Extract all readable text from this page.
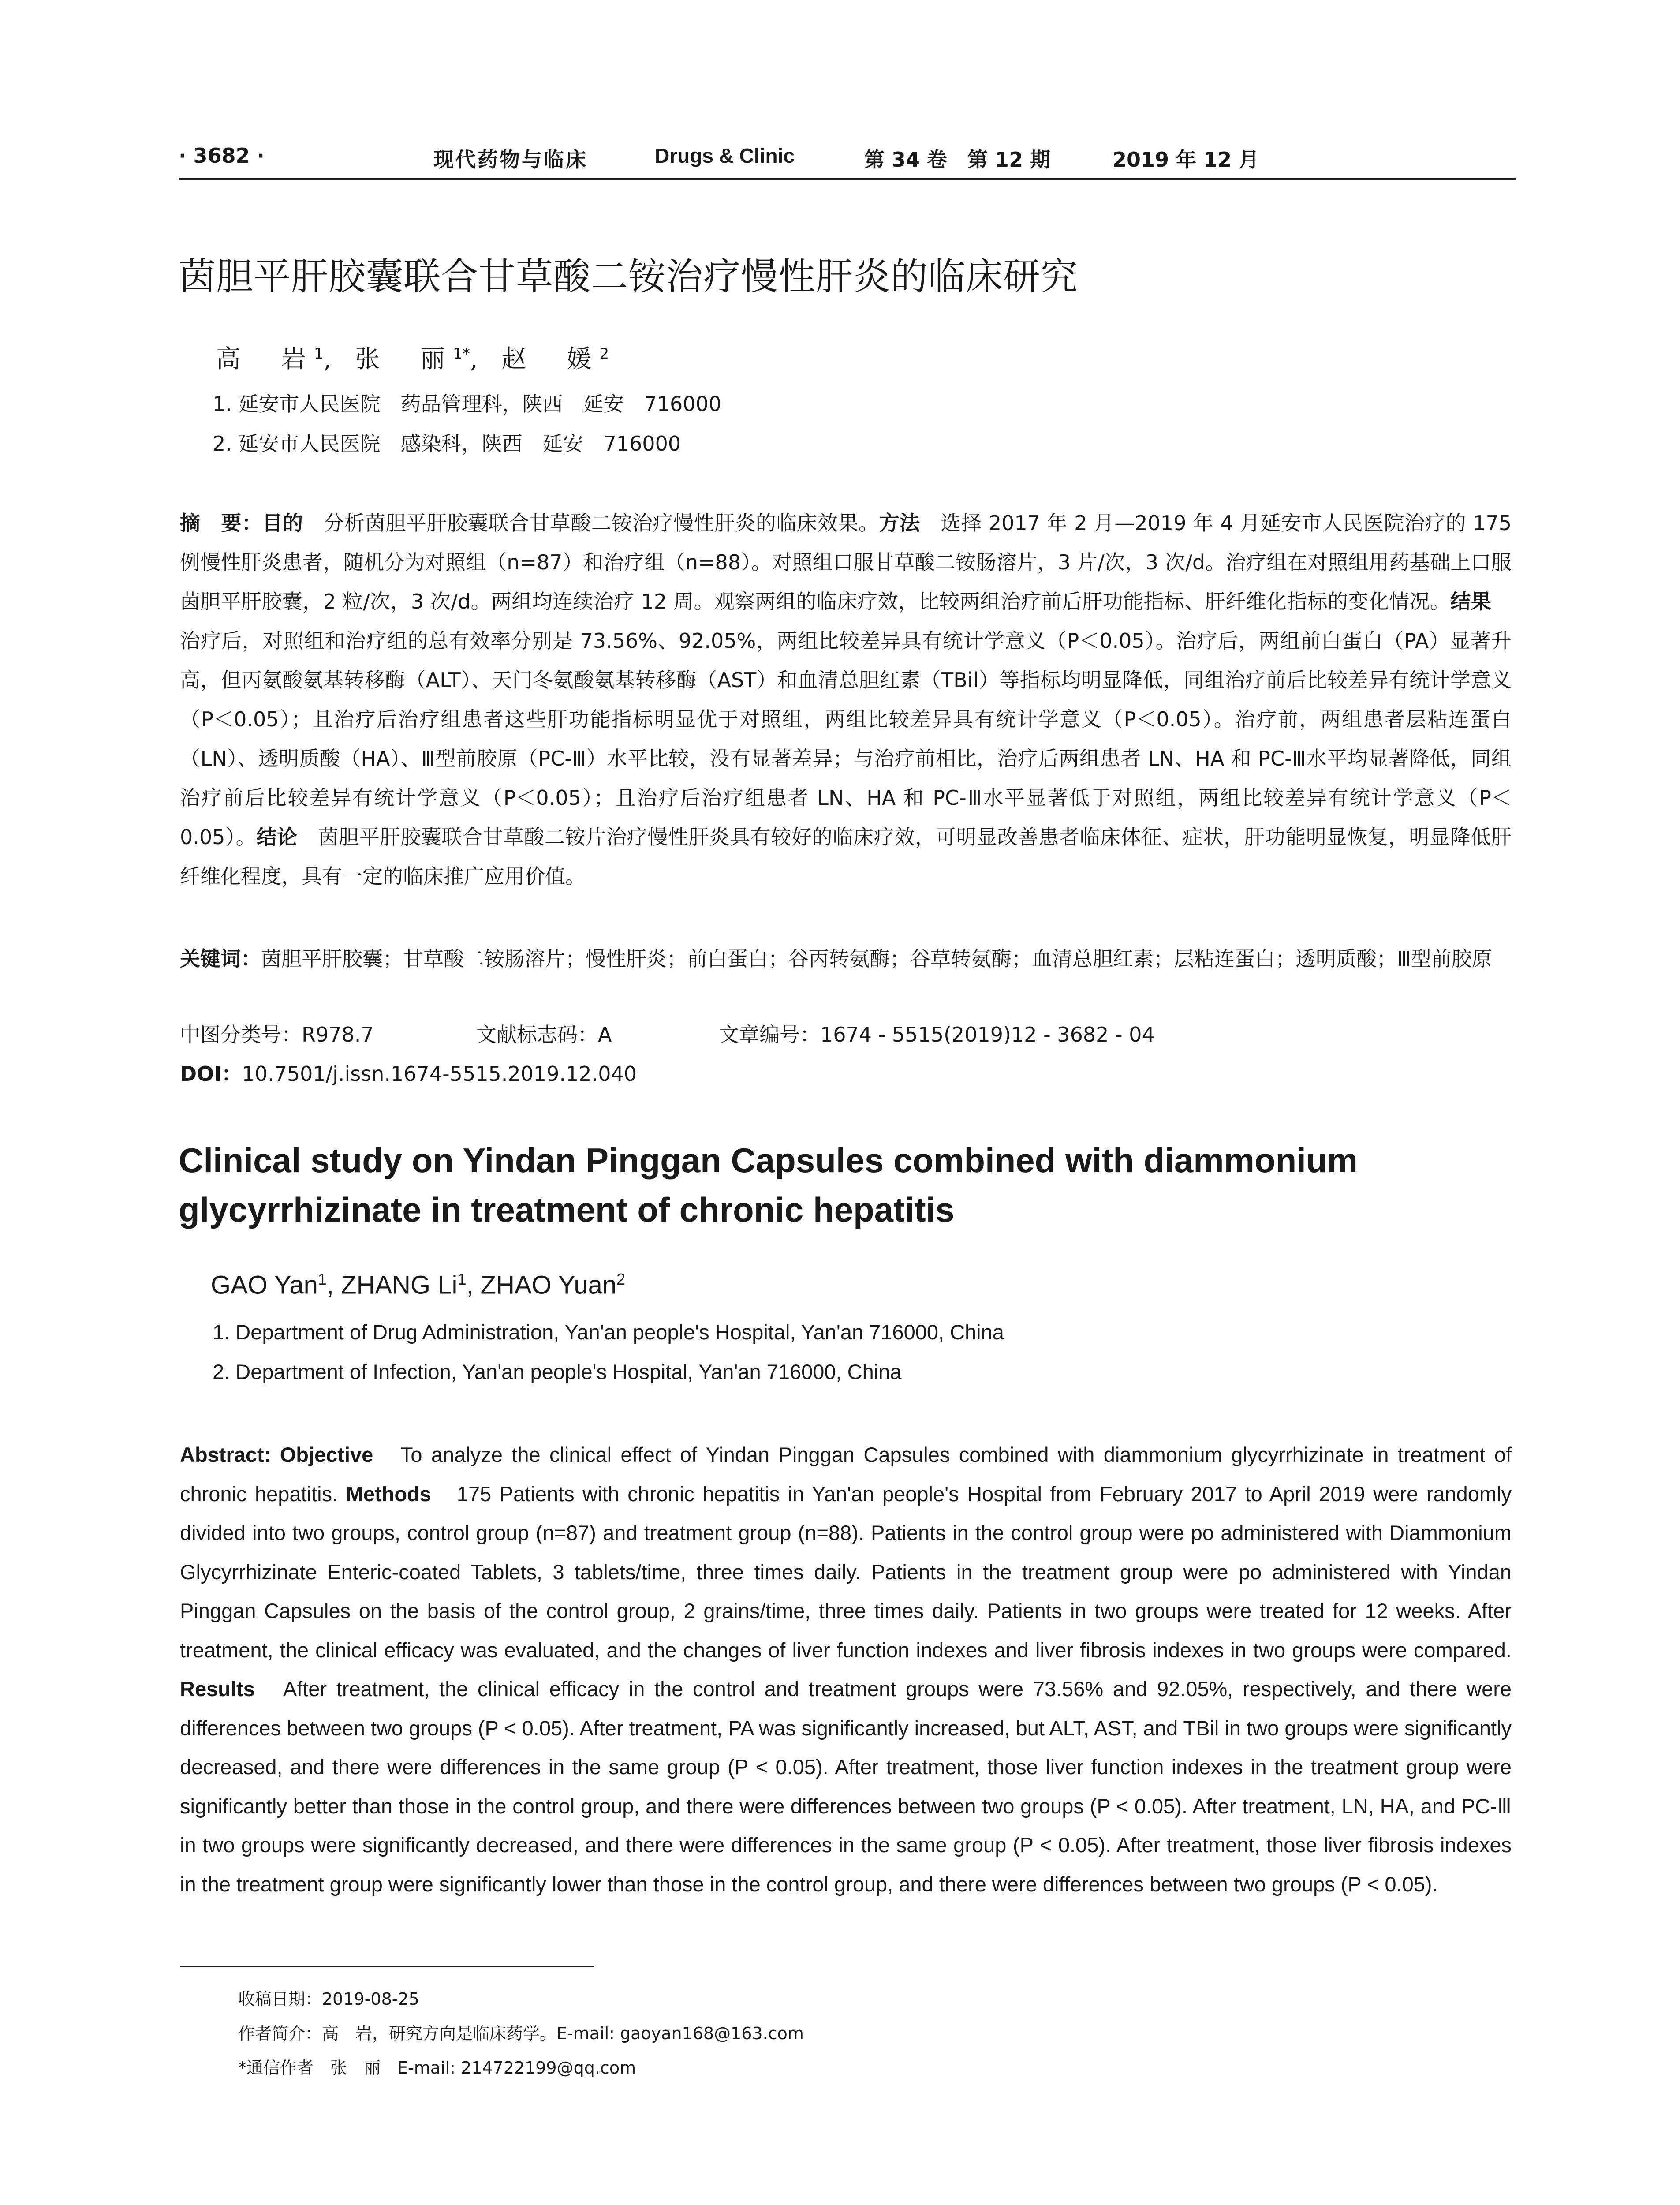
· 3682 ·	现代药物与临床	Drugs & Clinic	第 34 卷　第 12 期	2019 年 12 月
茵胆平肝胶囊联合甘草酸二铵治疗慢性肝炎的临床研究
高　岩$^1$, 张　丽$^{1*}$, 赵　媛$^2$
1. 延安市人民医院　药品管理科，陕西　延安　716000
2. 延安市人民医院　感染科，陕西　延安　716000
摘　要：目的　分析茵胆平肝胶囊联合甘草酸二铵治疗慢性肝炎的临床效果。方法　选择 2017 年 2 月—2019 年 4 月延安市人民医院治疗的 175 例慢性肝炎患者，随机分为对照组（n=87）和治疗组（n=88）。对照组口服甘草酸二铵肠溶片，3 片/次，3 次/d。治疗组在对照组用药基础上口服茵胆平肝胶囊，2 粒/次，3 次/d。两组均连续治疗 12 周。观察两组的临床疗效，比较两组治疗前后肝功能指标、肝纤维化指标的变化情况。结果　治疗后，对照组和治疗组的总有效率分别是 73.56%、92.05%，两组比较差异具有统计学意义（P＜0.05）。治疗后，两组前白蛋白（PA）显著升高，但丙氨酸氨基转移酶（ALT）、天门冬氨酸氨基转移酶（AST）和血清总胆红素（TBil）等指标均明显降低，同组治疗前后比较差异有统计学意义（P＜0.05）；且治疗后治疗组患者这些肝功能指标明显优于对照组，两组比较差异具有统计学意义（P＜0.05）。治疗前，两组患者层粘连蛋白（LN）、透明质酸（HA）、Ⅲ型前胶原（PC-Ⅲ）水平比较，没有显著差异；与治疗前相比，治疗后两组患者 LN、HA 和 PC-Ⅲ水平均显著降低，同组治疗前后比较差异有统计学意义（P＜0.05）；且治疗后治疗组患者 LN、HA 和 PC-Ⅲ水平显著低于对照组，两组比较差异有统计学意义（P＜0.05）。结论　茵胆平肝胶囊联合甘草酸二铵片治疗慢性肝炎具有较好的临床疗效，可明显改善患者临床体征、症状，肝功能明显恢复，明显降低肝纤维化程度，具有一定的临床推广应用价值。
关键词：茵胆平肝胶囊；甘草酸二铵肠溶片；慢性肝炎；前白蛋白；谷丙转氨酶；谷草转氨酶；血清总胆红素；层粘连蛋白；透明质酸；Ⅲ型前胶原
中图分类号：R978.7	文献标志码：A	文章编号：1674 - 5515(2019)12 - 3682 - 04
DOI：10.7501/j.issn.1674-5515.2019.12.040
Clinical study on Yindan Pinggan Capsules combined with diammonium glycyrrhizinate in treatment of chronic hepatitis
GAO Yan$^1$, ZHANG Li$^1$, ZHAO Yuan$^2$
1. Department of Drug Administration, Yan'an people's Hospital, Yan'an 716000, China
2. Department of Infection, Yan'an people's Hospital, Yan'an 716000, China
Abstract: Objective　To analyze the clinical effect of Yindan Pinggan Capsules combined with diammonium glycyrrhizinate in treatment of chronic hepatitis. Methods　175 Patients with chronic hepatitis in Yan'an people's Hospital from February 2017 to April 2019 were randomly divided into two groups, control group (n=87) and treatment group (n=88). Patients in the control group were po administered with Diammonium Glycyrrhizinate Enteric-coated Tablets, 3 tablets/time, three times daily. Patients in the treatment group were po administered with Yindan Pinggan Capsules on the basis of the control group, 2 grains/time, three times daily. Patients in two groups were treated for 12 weeks. After treatment, the clinical efficacy was evaluated, and the changes of liver function indexes and liver fibrosis indexes in two groups were compared. Results　After treatment, the clinical efficacy in the control and treatment groups were 73.56% and 92.05%, respectively, and there were differences between two groups (P < 0.05). After treatment, PA was significantly increased, but ALT, AST, and TBil in two groups were significantly decreased, and there were differences in the same group (P < 0.05). After treatment, those liver function indexes in the treatment group were significantly better than those in the control group, and there were differences between two groups (P < 0.05). After treatment, LN, HA, and PC-Ⅲ in two groups were significantly decreased, and there were differences in the same group (P < 0.05). After treatment, those liver fibrosis indexes in the treatment group were significantly lower than those in the control group, and there were differences between two groups (P < 0.05).
收稿日期：2019-08-25
作者简介：高　岩，研究方向是临床药学。E-mail: gaoyan168@163.com
*通信作者　张　丽　E-mail: 214722199@qq.com
